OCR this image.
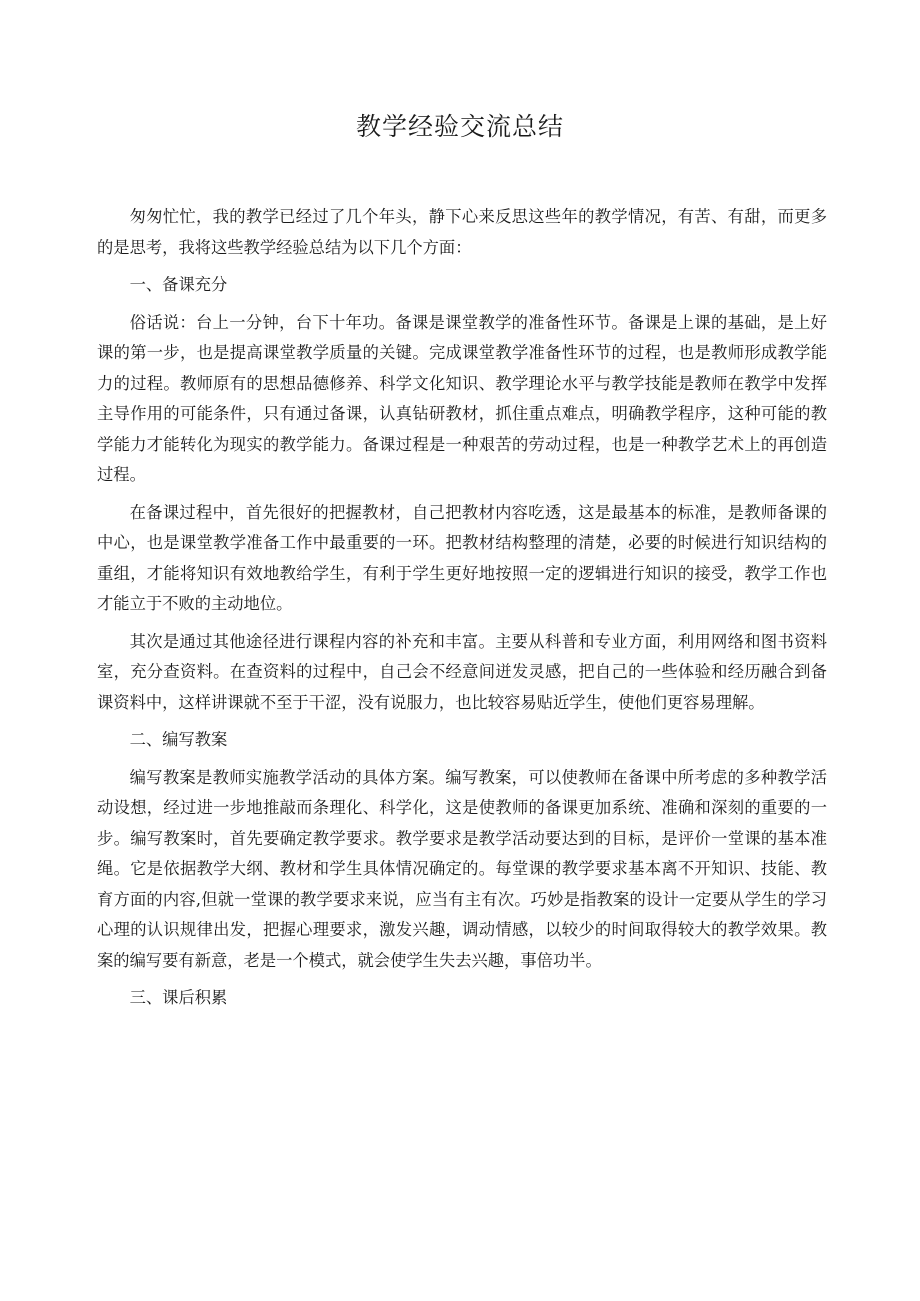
教学经验交流总结

匆匆忙忙，我的教学已经过了几个年头，静下心来反思这些年的教学情况，有苦、有甜，而更多的是思考，我将这些教学经验总结为以下几个方面：

一、备课充分

俗话说：台上一分钟，台下十年功。备课是课堂教学的准备性环节。备课是上课的基础，是上好课的第一步，也是提高课堂教学质量的关键。完成课堂教学准备性环节的过程，也是教师形成教学能力的过程。教师原有的思想品德修养、科学文化知识、教学理论水平与教学技能是教师在教学中发挥主导作用的可能条件，只有通过备课，认真钻研教材，抓住重点难点，明确教学程序，这种可能的教学能力才能转化为现实的教学能力。备课过程是一种艰苦的劳动过程，也是一种教学艺术上的再创造过程。

在备课过程中，首先很好的把握教材，自己把教材内容吃透，这是最基本的标准，是教师备课的中心，也是课堂教学准备工作中最重要的一环。把教材结构整理的清楚，必要的时候进行知识结构的重组，才能将知识有效地教给学生，有利于学生更好地按照一定的逻辑进行知识的接受，教学工作也才能立于不败的主动地位。

其次是通过其他途径进行课程内容的补充和丰富。主要从科普和专业方面，利用网络和图书资料室，充分查资料。在查资料的过程中，自己会不经意间迸发灵感，把自己的一些体验和经历融合到备课资料中，这样讲课就不至于干涩，没有说服力，也比较容易贴近学生，使他们更容易理解。

二、编写教案

编写教案是教师实施教学活动的具体方案。编写教案，可以使教师在备课中所考虑的多种教学活动设想，经过进一步地推敲而条理化、科学化，这是使教师的备课更加系统、准确和深刻的重要的一步。编写教案时，首先要确定教学要求。教学要求是教学活动要达到的目标，是评价一堂课的基本准绳。它是依据教学大纲、教材和学生具体情况确定的。每堂课的教学要求基本离不开知识、技能、教育方面的内容,但就一堂课的教学要求来说，应当有主有次。巧妙是指教案的设计一定要从学生的学习心理的认识规律出发，把握心理要求，激发兴趣，调动情感，以较少的时间取得较大的教学效果。教案的编写要有新意，老是一个模式，就会使学生失去兴趣，事倍功半。

三、课后积累
